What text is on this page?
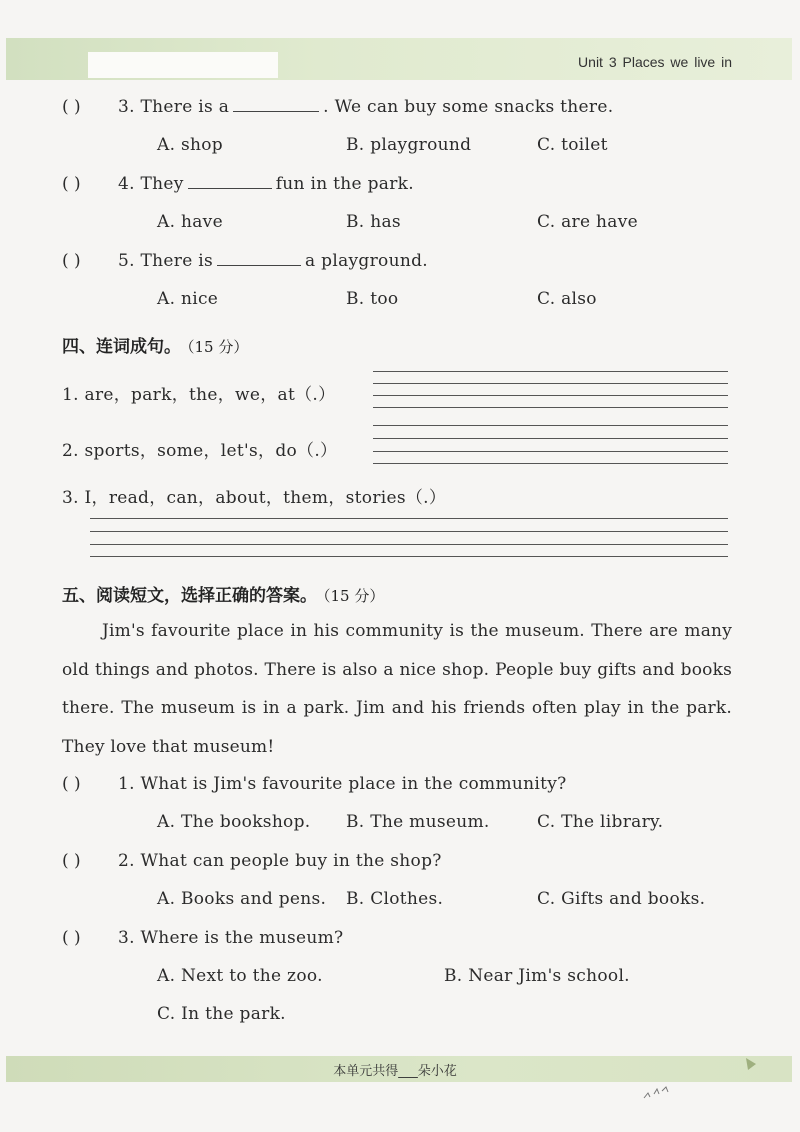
Unit 3 Places we live in
( ) 3. There is a	. We can buy some snacks there.
A. shop	B. playground	C. toilet
( ) 4. They	fun in the park.
A. have	B. has	C. are have
( ) 5. There is	a playground.
A. nice	B. too	C. also
四、连词成句。 （15 分）
1. are，park，the，we，at（.）
2. sports，some，let's，do（.）
3. I，read，can，about，them，stories（.）
五、阅读短文，选择正确的答案。 （15 分）
Jim's favourite place in his community is the museum. There are many old things and photos. There is also a nice shop. People buy gifts and books there. The museum is in a park. Jim and his friends often play in the park. They love that museum!
( ) 1. What is Jim's favourite place in the community?
A. The bookshop. B. The museum.	C. The library.
( ) 2. What can people buy in the shop?
A. Books and pens. B. Clothes.	C. Gifts and books.
( ) 3. Where is the museum?
A. Next to the zoo.	B. Near Jim's school.
C. In the park.
本单元共得___朵小花
